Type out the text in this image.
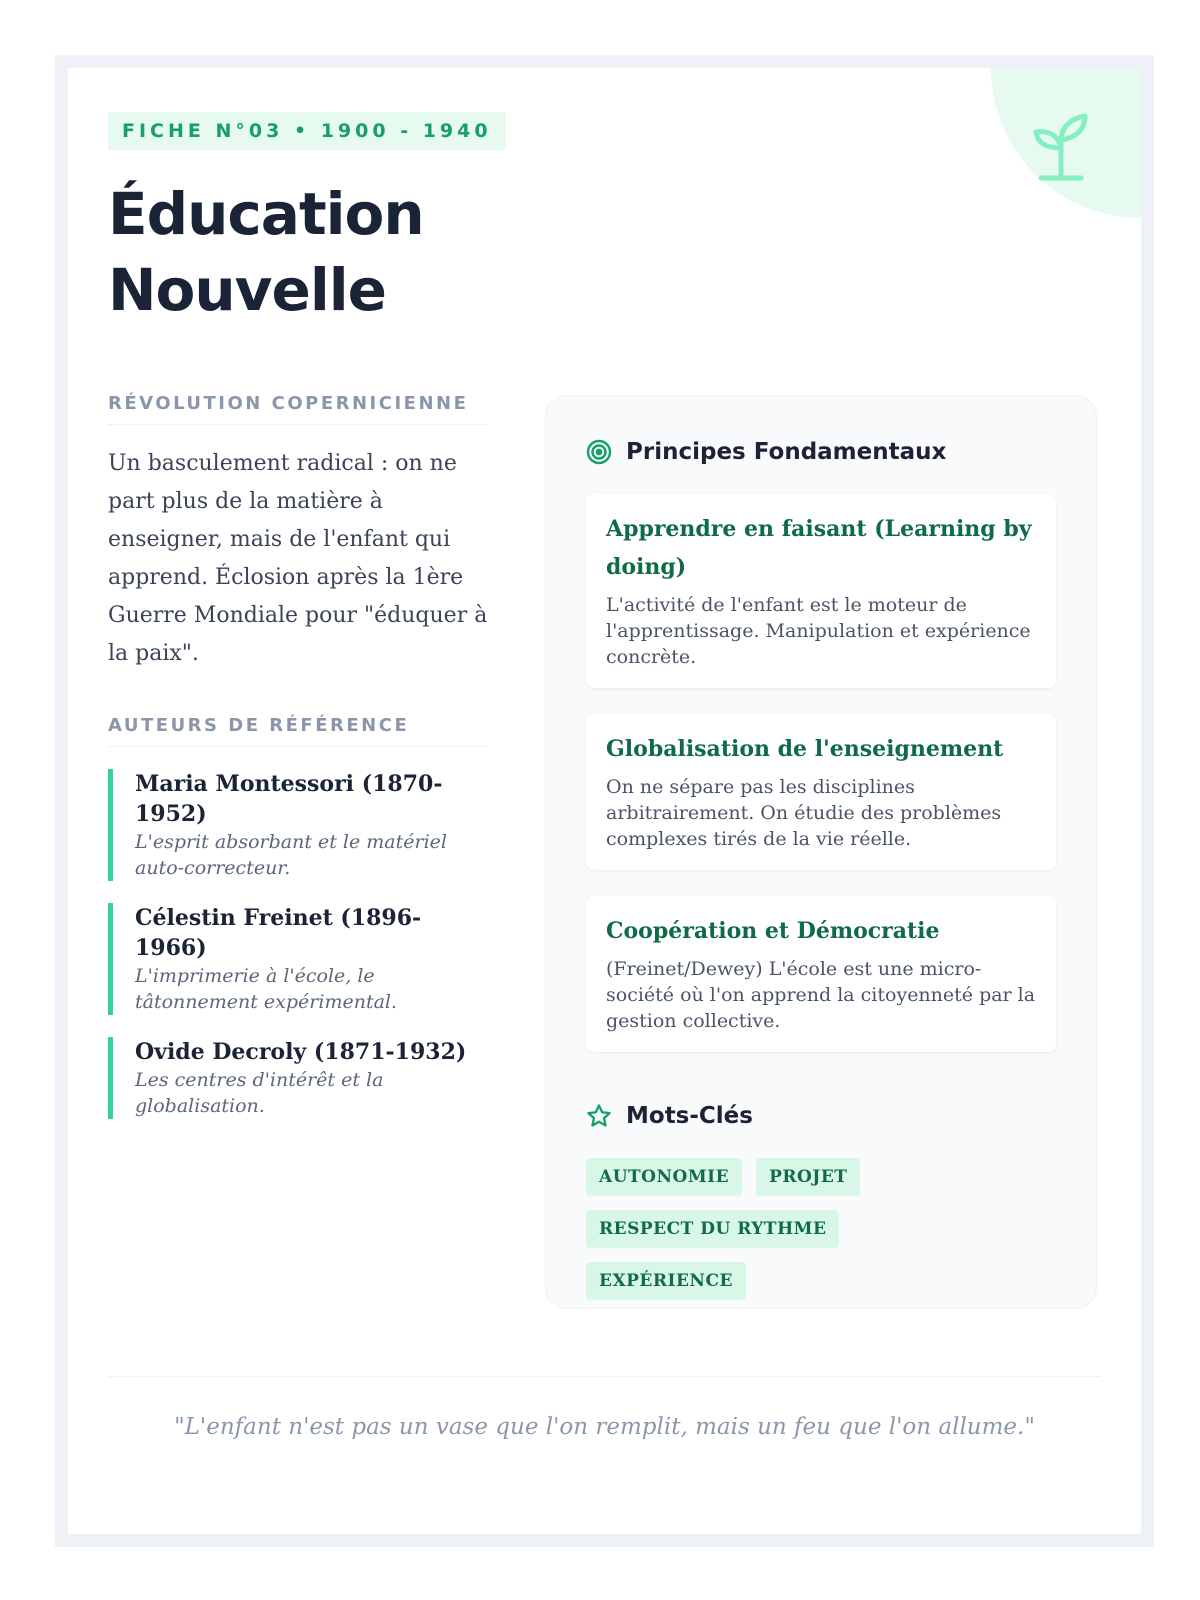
FICHE N°03 • 1900 - 1940
Éducation
Nouvelle
RÉVOLUTION COPERNICIENNE

Un basculement radical : on ne part plus de la matière à enseigner, mais de l'enfant qui apprend. Éclosion après la 1ère Guerre Mondiale pour "éduquer à la paix".

AUTEURS DE RÉFÉRENCE
Maria Montessori (1870-1952)
L'esprit absorbant et le matériel auto-correcteur.
Célestin Freinet (1896-1966)
L'imprimerie à l'école, le tâtonnement expérimental.
Ovide Decroly (1871-1932)
Les centres d'intérêt et la globalisation.
Principes Fondamentaux
Apprendre en faisant (Learning by doing)
L'activité de l'enfant est le moteur de l'apprentissage. Manipulation et expérience concrète.
Globalisation de l'enseignement
On ne sépare pas les disciplines arbitrairement. On étudie des problèmes complexes tirés de la vie réelle.
Coopération et Démocratie
(Freinet/Dewey) L'école est une micro-société où l'on apprend la citoyenneté par la gestion collective.
Mots-Clés
AUTONOMIE	PROJET
RESPECT DU RYTHME
EXPÉRIENCE
"L'enfant n'est pas un vase que l'on remplit, mais un feu que l'on allume."
